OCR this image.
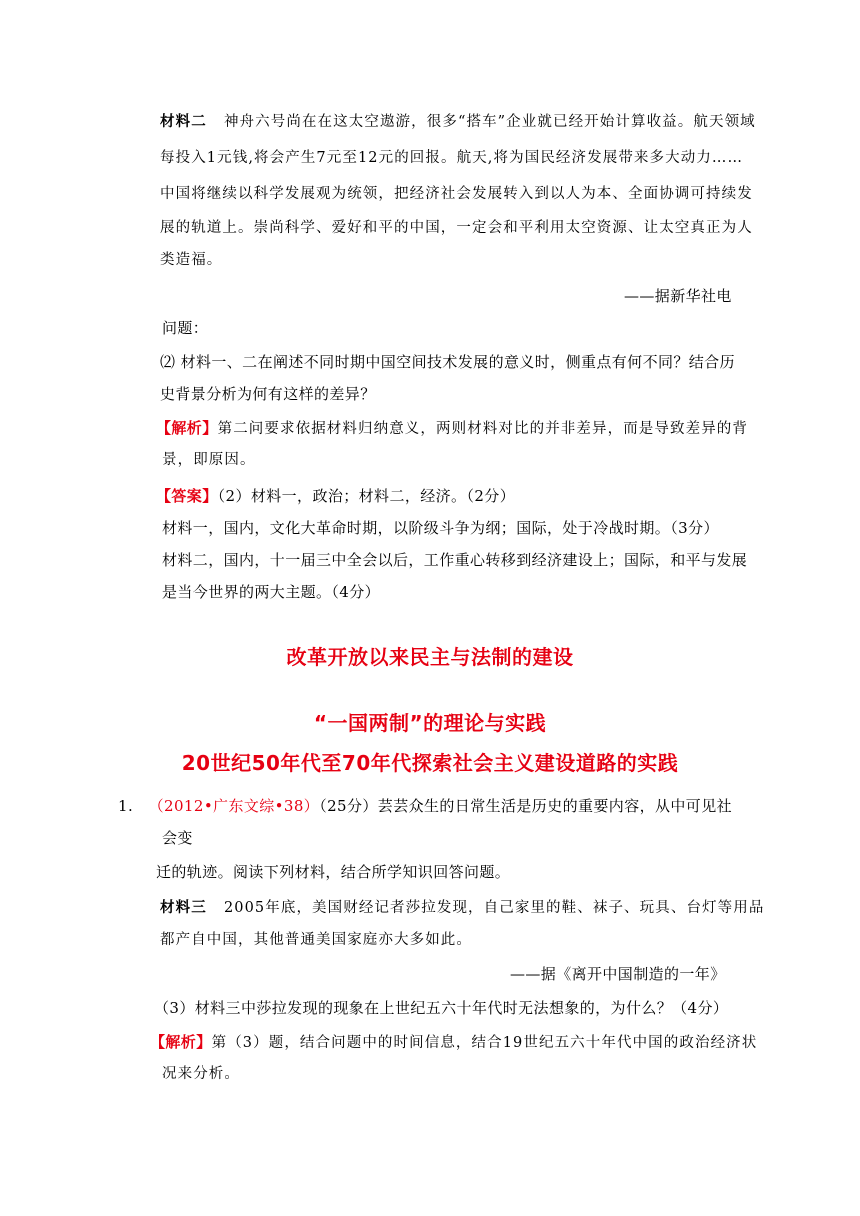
材料二 神舟六号尚在在这太空遨游，很多“搭车”企业就已经开始计算收益。航天领域
每投入1元钱,将会产生7元至12元的回报。航天,将为国民经济发展带来多大动力……
中国将继续以科学发展观为统领，把经济社会发展转入到以人为本、全面协调可持续发
展的轨道上。崇尚科学、爱好和平的中国，一定会和平利用太空资源、让太空真正为人
类造福。
——据新华社电
问题：
⑵ 材料一、二在阐述不同时期中国空间技术发展的意义时，侧重点有何不同？结合历
史背景分析为何有这样的差异？
【解析】第二问要求依据材料归纳意义，两则材料对比的并非差异，而是导致差异的背
景，即原因。
【答案】（2）材料一，政治；材料二，经济。（2分）
材料一，国内，文化大革命时期，以阶级斗争为纲；国际，处于冷战时期。（3分）
材料二，国内，十一届三中全会以后，工作重心转移到经济建设上；国际，和平与发展
是当今世界的两大主题。（4分）
改革开放以来民主与法制的建设
“一国两制”的理论与实践
20世纪50年代至70年代探索社会主义建设道路的实践
1. （2012•广东文综•38）（25分）芸芸众生的日常生活是历史的重要内容，从中可见社
会变
迁的轨迹。阅读下列材料，结合所学知识回答问题。
材料三 2005年底，美国财经记者莎拉发现，自己家里的鞋、袜子、玩具、台灯等用品
都产自中国，其他普通美国家庭亦大多如此。
——据《离开中国制造的一年》
（3）材料三中莎拉发现的现象在上世纪五六十年代时无法想象的，为什么？（4分）
【解析】第（3）题，结合问题中的时间信息，结合19世纪五六十年代中国的政治经济状
况来分析。
